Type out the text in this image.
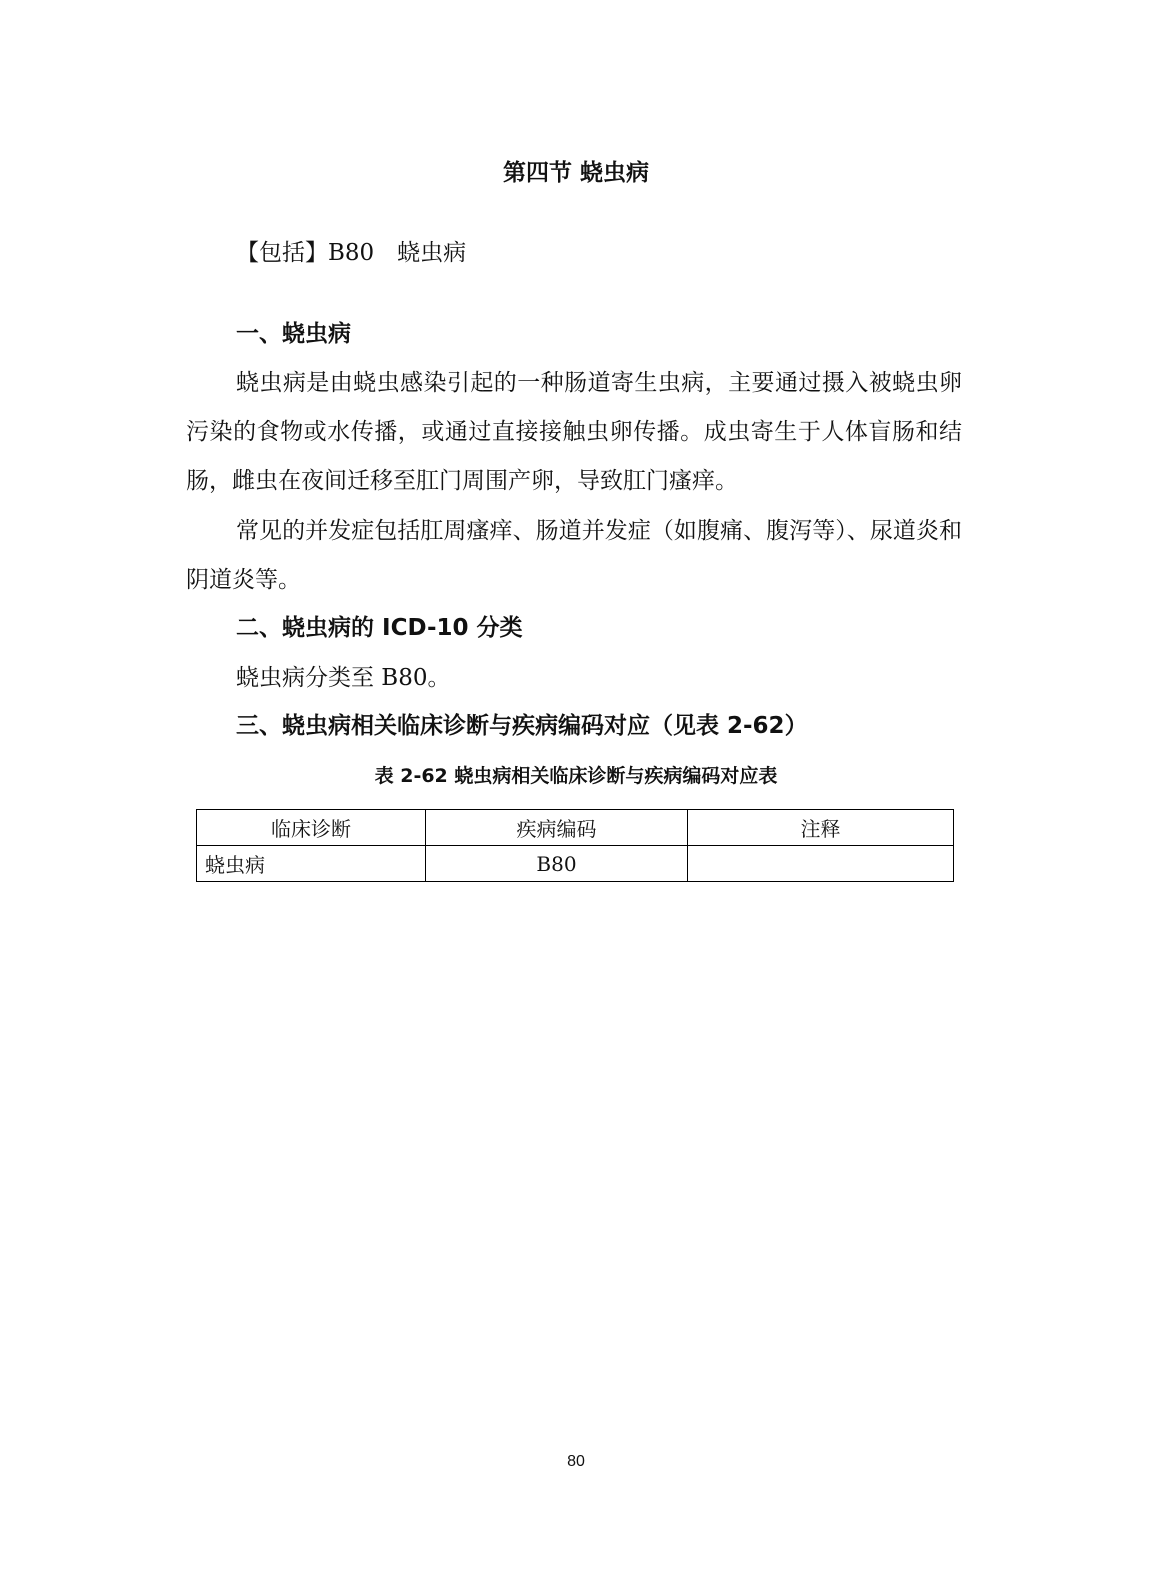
第四节 蛲虫病
【包括】B80　蛲虫病
一、蛲虫病

蛲虫病是由蛲虫感染引起的一种肠道寄生虫病，主要通过摄入被蛲虫卵污染的食物或水传播，或通过直接接触虫卵传播。成虫寄生于人体盲肠和结肠，雌虫在夜间迁移至肛门周围产卵，导致肛门瘙痒。

常见的并发症包括肛周瘙痒、肠道并发症（如腹痛、腹泻等）、尿道炎和阴道炎等。

二、蛲虫病的 ICD-10 分类
蛲虫病分类至 B80。
三、蛲虫病相关临床诊断与疾病编码对应（见表 2-62）
表 2-62 蛲虫病相关临床诊断与疾病编码对应表
临床诊断	疾病编码	注释
蛲虫病	B80	
80
